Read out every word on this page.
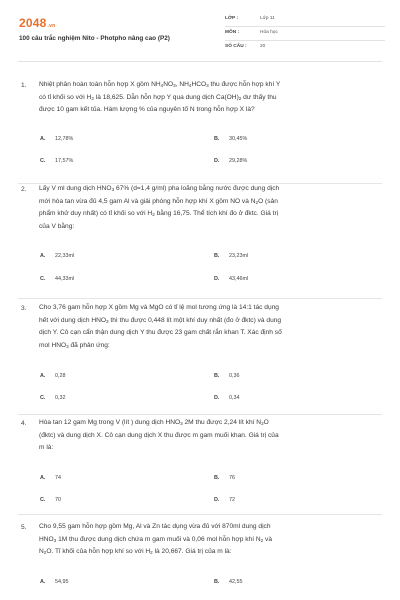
2048.vn
100 câu trắc nghiệm Nito - Photpho nâng cao (P2)
LỚP :	Lớp 11
MÔN :	Hóa học
SỐ CÂU :	20
1. Nhiệt phân hoàn toàn hỗn hợp X gồm $NH_4NO_3$, $NH_4HCO_3$ thu được hỗn hợp khí Y
có tỉ khối so với $H_2$ là 18,625. Dẫn hỗn hợp Y qua dung dịch $Ca(OH)_2$ dư thấy thu
được 10 gam kết tủa. Hàm lượng % của nguyên tố N trong hỗn hợp X là?
A. 12,78%	B. 30,45%
C. 17,57%	D. 29,28%
2. Lấy V ml dung dịch $HNO_3$ 67% (d=1,4 g/ml) pha loãng bằng nước được dung dịch
mới hòa tan vừa đủ 4,5 gam Al và giải phóng hỗn hợp khí X gồm NO và $N_2O$ (sản
phẩm khử duy nhất) có tỉ khối so với $H_2$ bằng 16,75. Thể tích khí đo ở đktc. Giá trị
của V bằng:
A. 22,33ml	B. 23,23ml
C. 44,33ml	D. 43,46ml
3. Cho 3,76 gam hỗn hợp X gồm Mg và MgO có tỉ lệ mol tương ứng là 14:1 tác dụng
hết với dung dịch $HNO_3$ thì thu được 0,448 lít một khí duy nhất (đo ở đktc) và dung
dịch Y. Cô cạn cẩn thận dung dịch Y thu được 23 gam chất rắn khan T. Xác định số
mol $HNO_3$ đã phản ứng:
A. 0,28	B. 0,36
C. 0,32	D. 0,34
4. Hòa tan 12 gam Mg trong V (lít ) dung dịch $HNO_3$ 2M thu được 2,24 lít khí $N_2O$
(đktc) và dung dịch X. Cô cạn dung dịch X thu được m gam muối khan. Giá trị của
m là:
A. 74	B. 76
C. 70	D. 72
5. Cho 9,55 gam hỗn hợp gồm Mg, Al và Zn tác dụng vừa đủ với 870ml dung dịch
$HNO_3$ 1M thu được dung dịch chứa m gam muối và 0,06 mol hỗn hợp khí $N_2$ và
$N_2O$. Tỉ khối của hỗn hợp khí so với $H_2$ là 20,667. Giá trị của m là:
A. 54,95	B. 42,55
